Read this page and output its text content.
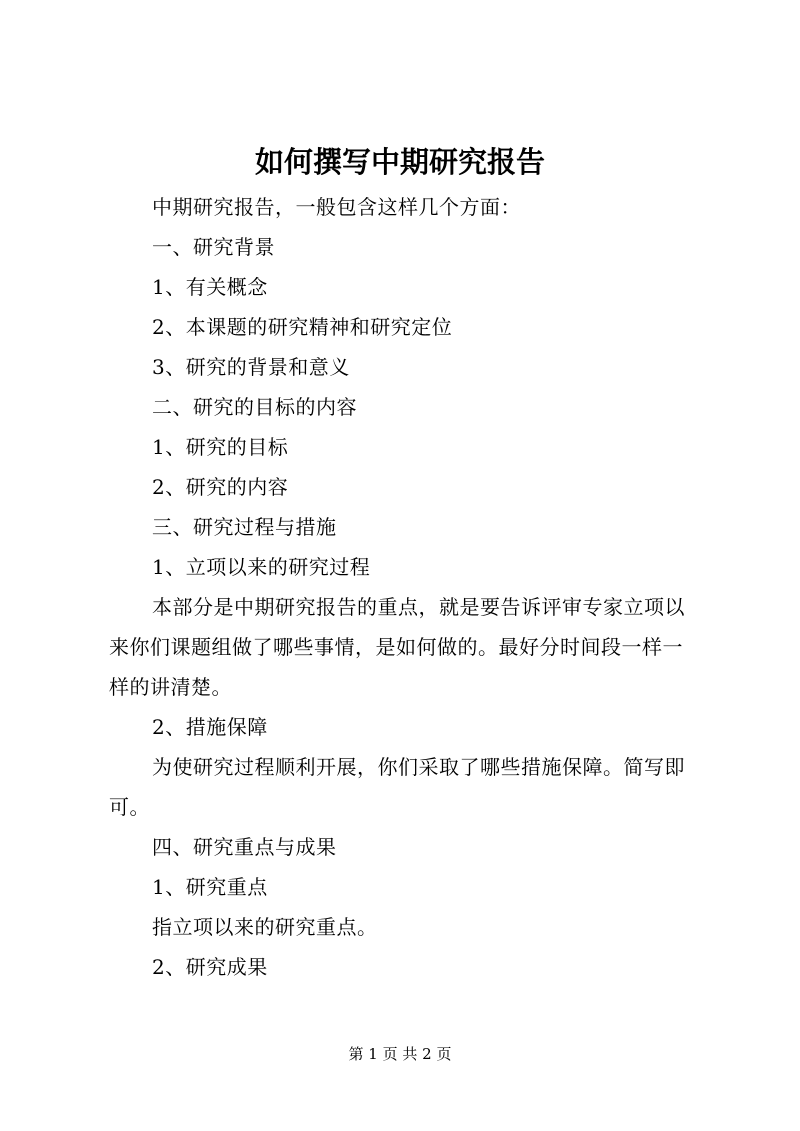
如何撰写中期研究报告
中期研究报告，一般包含这样几个方面：
一、研究背景
1、有关概念
2、本课题的研究精神和研究定位
3、研究的背景和意义
二、研究的目标的内容
1、研究的目标
2、研究的内容
三、研究过程与措施
1、立项以来的研究过程
本部分是中期研究报告的重点，就是要告诉评审专家立项以
来你们课题组做了哪些事情，是如何做的。最好分时间段一样一
样的讲清楚。
2、措施保障
为使研究过程顺利开展，你们采取了哪些措施保障。简写即
可。
四、研究重点与成果
1、研究重点
指立项以来的研究重点。
2、研究成果
第 1 页 共 2 页
